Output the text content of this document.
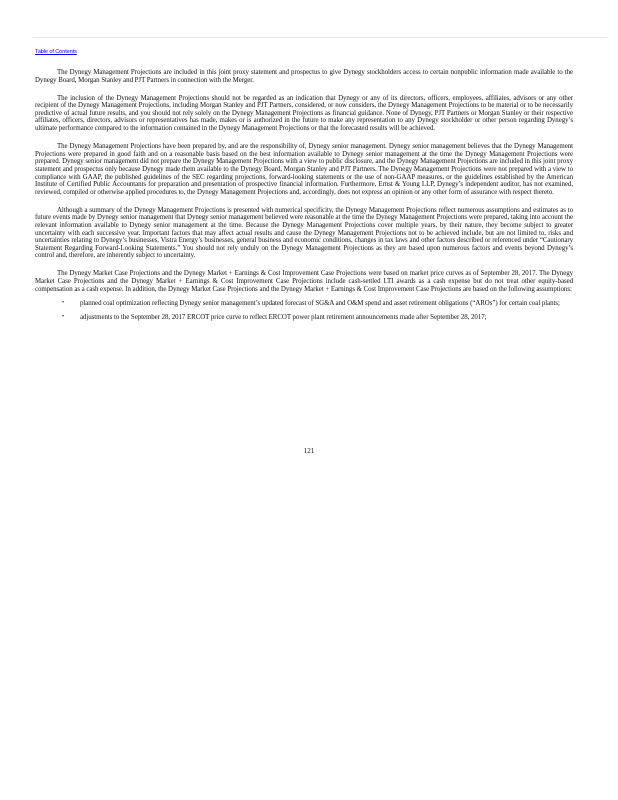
Table of Contents

The Dynegy Management Projections are included in this joint proxy statement and prospectus to give Dynegy stockholders access to certain nonpublic information made available to the Dynegy Board, Morgan Stanley and PJT Partners in connection with the Merger.

The inclusion of the Dynegy Management Projections should not be regarded as an indication that Dynegy or any of its directors, officers, employees, affiliates, advisors or any other recipient of the Dynegy Management Projections, including Morgan Stanley and PJT Partners, considered, or now considers, the Dynegy Management Projections to be material or to be necessarily predictive of actual future results, and you should not rely solely on the Dynegy Management Projections as financial guidance. None of Dynegy, PJT Partners or Morgan Stanley or their respective affiliates, officers, directors, advisors or representatives has made, makes or is authorized in the future to make any representation to any Dynegy stockholder or other person regarding Dynegy’s ultimate performance compared to the information contained in the Dynegy Management Projections or that the forecasted results will be achieved.

The Dynegy Management Projections have been prepared by, and are the responsibility of, Dynegy senior management. Dynegy senior management believes that the Dynegy Management Projections were prepared in good faith and on a reasonable basis based on the best information available to Dynegy senior management at the time the Dynegy Management Projections were prepared. Dynegy senior management did not prepare the Dynegy Management Projections with a view to public disclosure, and the Dynegy Management Projections are included in this joint proxy statement and prospectus only because Dynegy made them available to the Dynegy Board, Morgan Stanley and PJT Partners. The Dynegy Management Projections were not prepared with a view to compliance with GAAP, the published guidelines of the SEC regarding projections, forward-looking statements or the use of non-GAAP measures, or the guidelines established by the American Institute of Certified Public Accountants for preparation and presentation of prospective financial information. Furthermore, Ernst & Young LLP, Dynegy’s independent auditor, has not examined, reviewed, compiled or otherwise applied procedures to, the Dynegy Management Projections and, accordingly, does not express an opinion or any other form of assurance with respect thereto.

Although a summary of the Dynegy Management Projections is presented with numerical specificity, the Dynegy Management Projections reflect numerous assumptions and estimates as to future events made by Dynegy senior management that Dynegy senior management believed were reasonable at the time the Dynegy Management Projections were prepared, taking into account the relevant information available to Dynegy senior management at the time. Because the Dynegy Management Projections cover multiple years, by their nature, they become subject to greater uncertainty with each successive year. Important factors that may affect actual results and cause the Dynegy Management Projections not to be achieved include, but are not limited to, risks and uncertainties relating to Dynegy’s businesses, Vistra Energy’s businesses, general business and economic conditions, changes in tax laws and other factors described or referenced under “Cautionary Statement Regarding Forward-Looking Statements.” You should not rely unduly on the Dynegy Management Projections as they are based upon numerous factors and events beyond Dynegy’s control and, therefore, are inherently subject to uncertainty.

The Dynegy Market Case Projections and the Dynegy Market + Earnings & Cost Improvement Case Projections were based on market price curves as of September 28, 2017. The Dynegy Market Case Projections and the Dynegy Market + Earnings & Cost Improvement Case Projections include cash-settled LTI awards as a cash expense but do not treat other equity-based compensation as a cash expense. In addition, the Dynegy Market Case Projections and the Dynegy Market + Earnings & Cost Improvement Case Projections are based on the following assumptions:

• planned coal optimization reflecting Dynegy senior management’s updated forecast of SG&A and O&M spend and asset retirement obligations (“AROs”) for certain coal plants;
• adjustments to the September 28, 2017 ERCOT price curve to reflect ERCOT power plant retirement announcements made after September 28, 2017;
121
